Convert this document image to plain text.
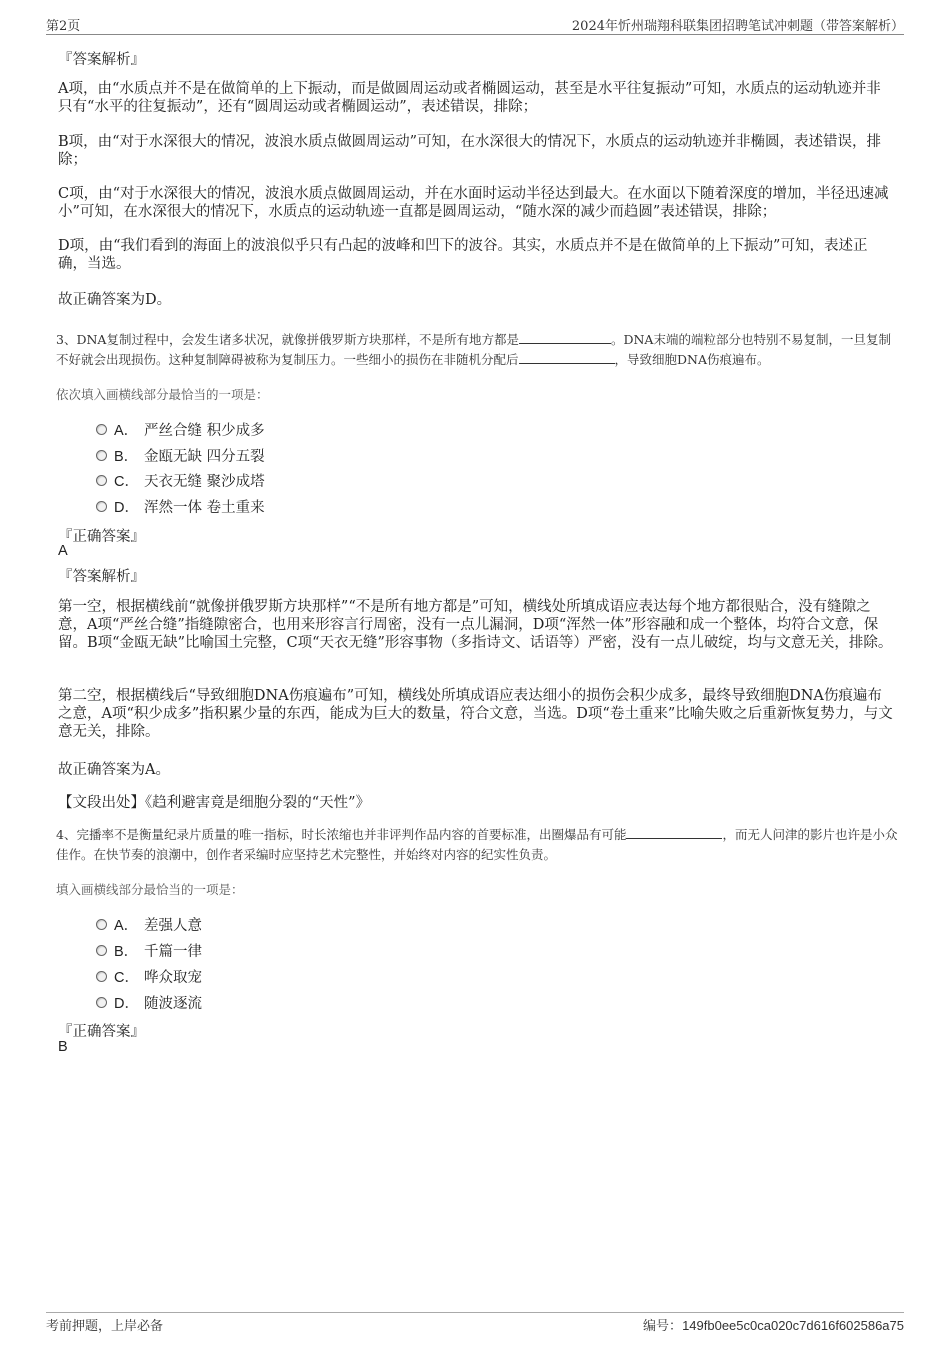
第2页	2024年忻州瑞翔科联集团招聘笔试冲刺题（带答案解析）
『答案解析』

A项，由“水质点并不是在做简单的上下振动，而是做圆周运动或者椭圆运动，甚至是水平往复振动”可知，水质点的运动轨迹并非只有“水平的往复振动”，还有“圆周运动或者椭圆运动”，表述错误，排除；

B项，由“对于水深很大的情况，波浪水质点做圆周运动”可知，在水深很大的情况下，水质点的运动轨迹并非椭圆，表述错误，排除；

C项，由“对于水深很大的情况，波浪水质点做圆周运动，并在水面时运动半径达到最大。在水面以下随着深度的增加，半径迅速减小”可知，在水深很大的情况下，水质点的运动轨迹一直都是圆周运动，“随水深的减少而趋圆”表述错误，排除；

D项，由“我们看到的海面上的波浪似乎只有凸起的波峰和凹下的波谷。其实，水质点并不是在做简单的上下振动”可知，表述正确，当选。

故正确答案为D。

3、DNA复制过程中，会发生诸多状况，就像拼俄罗斯方块那样，不是所有地方都是	。DNA末端的端粒部分也特别不易复制，一旦复制不好就会出现损伤。这种复制障碍被称为复制压力。一些细小的损伤在非随机分配后	，导致细胞DNA伤痕遍布。

依次填入画横线部分最恰当的一项是：
A． 严丝合缝 积少成多
B． 金瓯无缺 四分五裂
C． 天衣无缝 聚沙成塔
D． 浑然一体 卷土重来
『正确答案』
A
『答案解析』

第一空，根据横线前“就像拼俄罗斯方块那样”“不是所有地方都是”可知，横线处所填成语应表达每个地方都很贴合，没有缝隙之意，A项“严丝合缝”指缝隙密合，也用来形容言行周密，没有一点儿漏洞，D项“浑然一体”形容融和成一个整体，均符合文意，保留。B项“金瓯无缺”比喻国土完整，C项“天衣无缝”形容事物（多指诗文、话语等）严密，没有一点儿破绽，均与文意无关，排除。

第二空，根据横线后“导致细胞DNA伤痕遍布”可知，横线处所填成语应表达细小的损伤会积少成多，最终导致细胞DNA伤痕遍布之意，A项“积少成多”指积累少量的东西，能成为巨大的数量，符合文意，当选。D项“卷土重来”比喻失败之后重新恢复势力，与文意无关，排除。

故正确答案为A。
【文段出处】《趋利避害竟是细胞分裂的“天性”》

4、完播率不是衡量纪录片质量的唯一指标，时长浓缩也并非评判作品内容的首要标准，出圈爆品有可能	，而无人问津的影片也许是小众佳作。在快节奏的浪潮中，创作者采编时应坚持艺术完整性，并始终对内容的纪实性负责。

填入画横线部分最恰当的一项是：
A． 差强人意
B． 千篇一律
C． 哗众取宠
D． 随波逐流
『正确答案』
B
考前押题，上岸必备	编号：149fb0ee5c0ca020c7d616f602586a75
